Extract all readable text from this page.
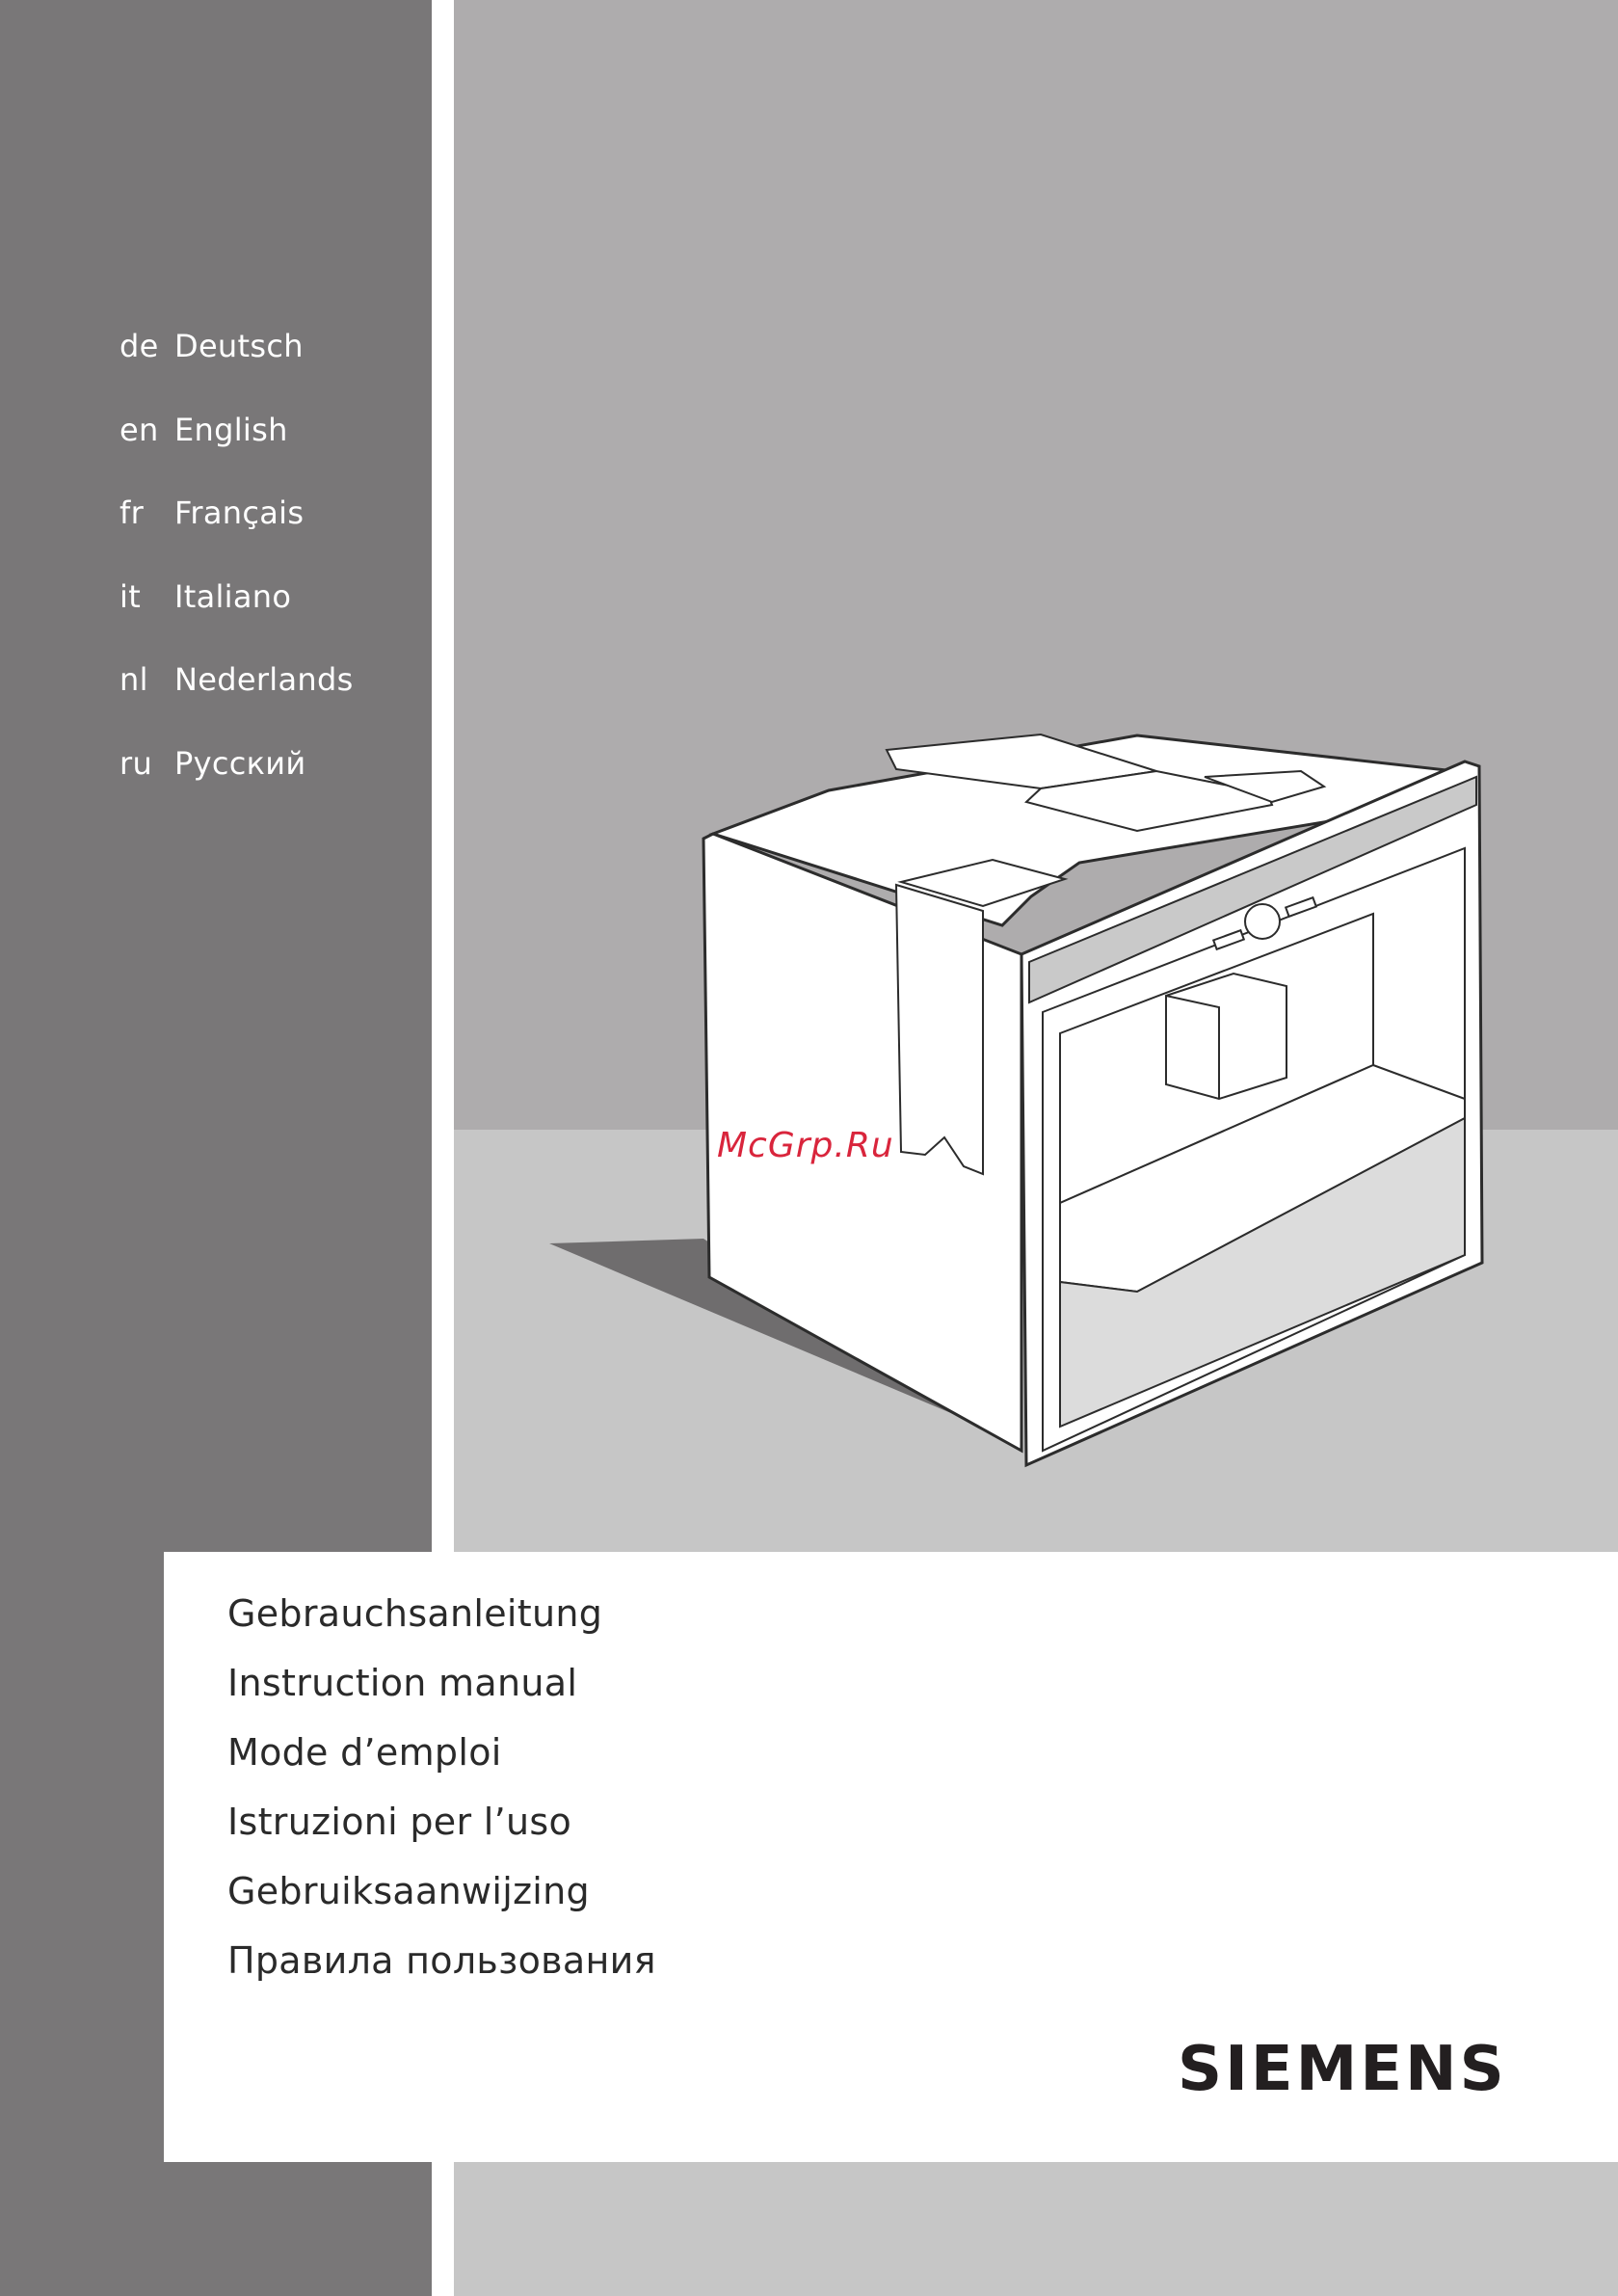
de Deutsch
en English
fr Français
it	Italiano
nl Nederlands
ru Русский
Gebrauchsanleitung
Instruction manual
Mode d’emploi
Istruzioni per l’uso
Gebruiksaanwijzing
Правила пользования
McGrp.Ru
SIEMENS
